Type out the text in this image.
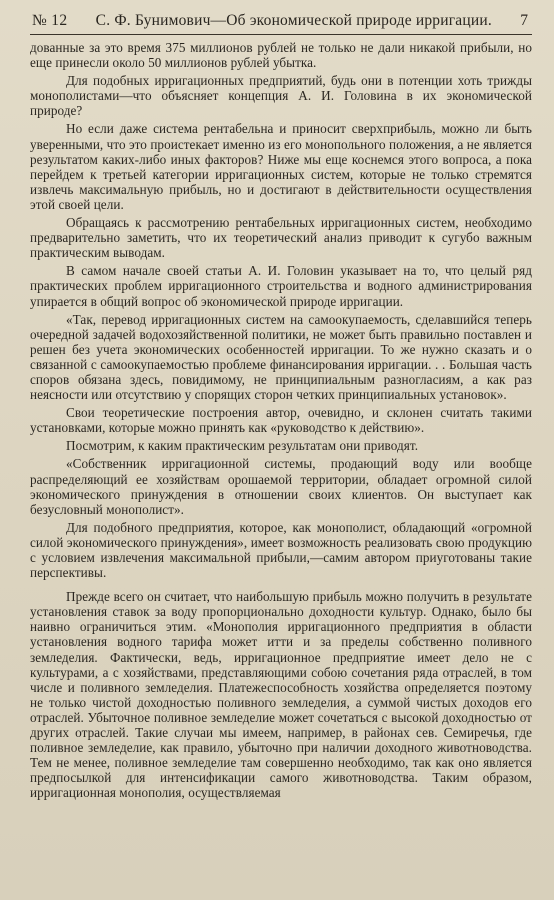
№ 12	С. Ф. Бунимович—Об экономической природе ирригации.	7

дованные за это время 375 миллионов рублей не только не дали никакой прибыли, но еще принесли около 50 миллионов рублей убытка.

Для подобных ирригационных предприятий, будь они в потенции хоть трижды монополистами—что объясняет концепция А. И. Головина в их экономической природе?

Но если даже система рентабельна и приносит сверхприбыль, можно ли быть уверенными, что это проистекает именно из его монопольного положения, а не является результатом каких-либо иных факторов? Ниже мы еще коснемся этого вопроса, а пока перейдем к третьей категории ирригационных систем, которые не только стремятся извлечь максимальную прибыль, но и достигают в действительности осуществления этой своей цели.

Обращаясь к рассмотрению рентабельных ирригационных систем, необходимо предварительно заметить, что их теоретический анализ приводит к сугубо важным практическим выводам.

В самом начале своей статьи А. И. Головин указывает на то, что целый ряд практических проблем ирригационного строительства и водного администрирования упирается в общий вопрос об экономической природе ирригации.

«Так, перевод ирригационных систем на самоокупаемость, сделавшийся теперь очередной задачей водохозяйственной политики, не может быть правильно поставлен и решен без учета экономических особенностей ирригации. То же нужно сказать и о связанной с самоокупаемостью проблеме финансирования ирригации. . . Большая часть споров обязана здесь, повидимому, не принципиальным разногласиям, а как раз неясности или отсутствию у спорящих сторон четких принципиальных установок».

Свои теоретические построения автор, очевидно, и склонен считать такими установками, которые можно принять как «руководство к действию».

Посмотрим, к каким практическим результатам они приводят.

«Собственник ирригационной системы, продающий воду или вообще распределяющий ее хозяйствам орошаемой территории, обладает огромной силой экономического принуждения в отношении своих клиентов. Он выступает как безусловный монополист».

Для подобного предприятия, которое, как монополист, обладающий «огромной силой экономического принуждения», имеет возможность реализовать свою продукцию с условием извлечения максимальной прибыли,—самим автором приуготованы такие перспективы.

Прежде всего он считает, что наибольшую прибыль можно получить в результате установления ставок за воду пропорционально доходности культур. Однако, было бы наивно ограничиться этим. «Монополия ирригационного предприятия в области установления водного тарифа может итти и за пределы собственно поливного земледелия. Фактически, ведь, ирригационное предприятие имеет дело не с культурами, а с хозяйствами, представляющими собою сочетания ряда отраслей, в том числе и поливного земледелия. Платежеспособность хозяйства определяется поэтому не только чистой доходностью поливного земледелия, а суммой чистых доходов его отраслей. Убыточное поливное земледелие может сочетаться с высокой доходностью от других отраслей. Такие случаи мы имеем, например, в районах сев. Семиречья, где поливное земледелие, как правило, убыточно при наличии доходного животноводства. Тем не менее, поливное земледелие там совершенно необходимо, так как оно является предпосылкой для интенсификации самого животноводства. Таким образом, ирригационная монополия, осуществляемая
